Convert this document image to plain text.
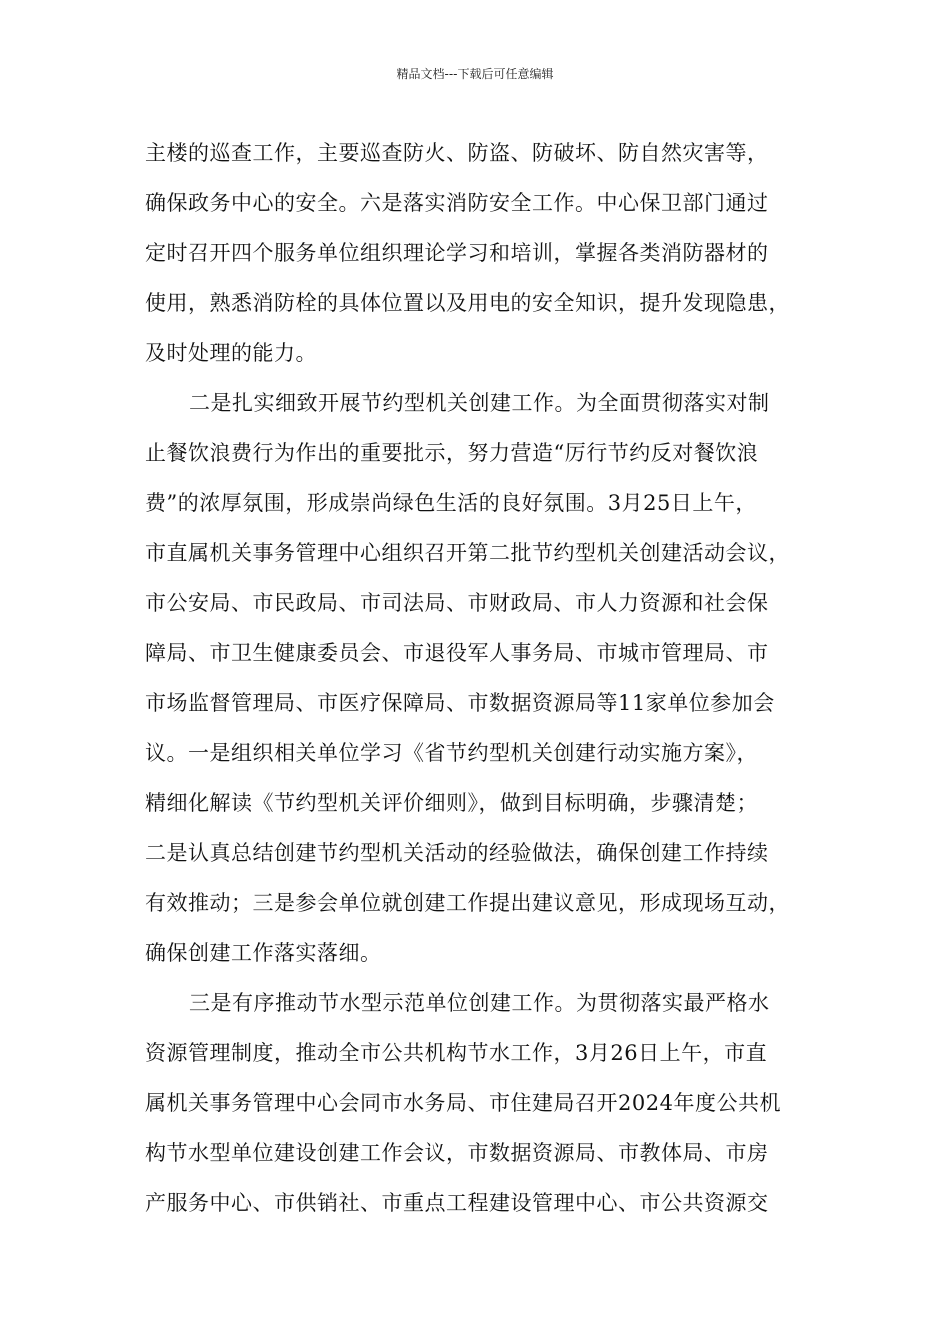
精品文档---下载后可任意编辑
主楼的巡查工作，主要巡查防火、防盗、防破坏、防自然灾害等，
确保政务中心的安全。六是落实消防安全工作。中心保卫部门通过
定时召开四个服务单位组织理论学习和培训，掌握各类消防器材的
使用，熟悉消防栓的具体位置以及用电的安全知识，提升发现隐患，
及时处理的能力。
二是扎实细致开展节约型机关创建工作。为全面贯彻落实对制
止餐饮浪费行为作出的重要批示，努力营造“厉行节约反对餐饮浪
费”的浓厚氛围，形成崇尚绿色生活的良好氛围。3月25日上午，
市直属机关事务管理中心组织召开第二批节约型机关创建活动会议，
市公安局、市民政局、市司法局、市财政局、市人力资源和社会保
障局、市卫生健康委员会、市退役军人事务局、市城市管理局、市
市场监督管理局、市医疗保障局、市数据资源局等11家单位参加会
议。一是组织相关单位学习《省节约型机关创建行动实施方案》，
精细化解读《节约型机关评价细则》，做到目标明确，步骤清楚；
二是认真总结创建节约型机关活动的经验做法，确保创建工作持续
有效推动；三是参会单位就创建工作提出建议意见，形成现场互动，
确保创建工作落实落细。
三是有序推动节水型示范单位创建工作。为贯彻落实最严格水
资源管理制度，推动全市公共机构节水工作，3月26日上午，市直
属机关事务管理中心会同市水务局、市住建局召开2024年度公共机
构节水型单位建设创建工作会议，市数据资源局、市教体局、市房
产服务中心、市供销社、市重点工程建设管理中心、市公共资源交
